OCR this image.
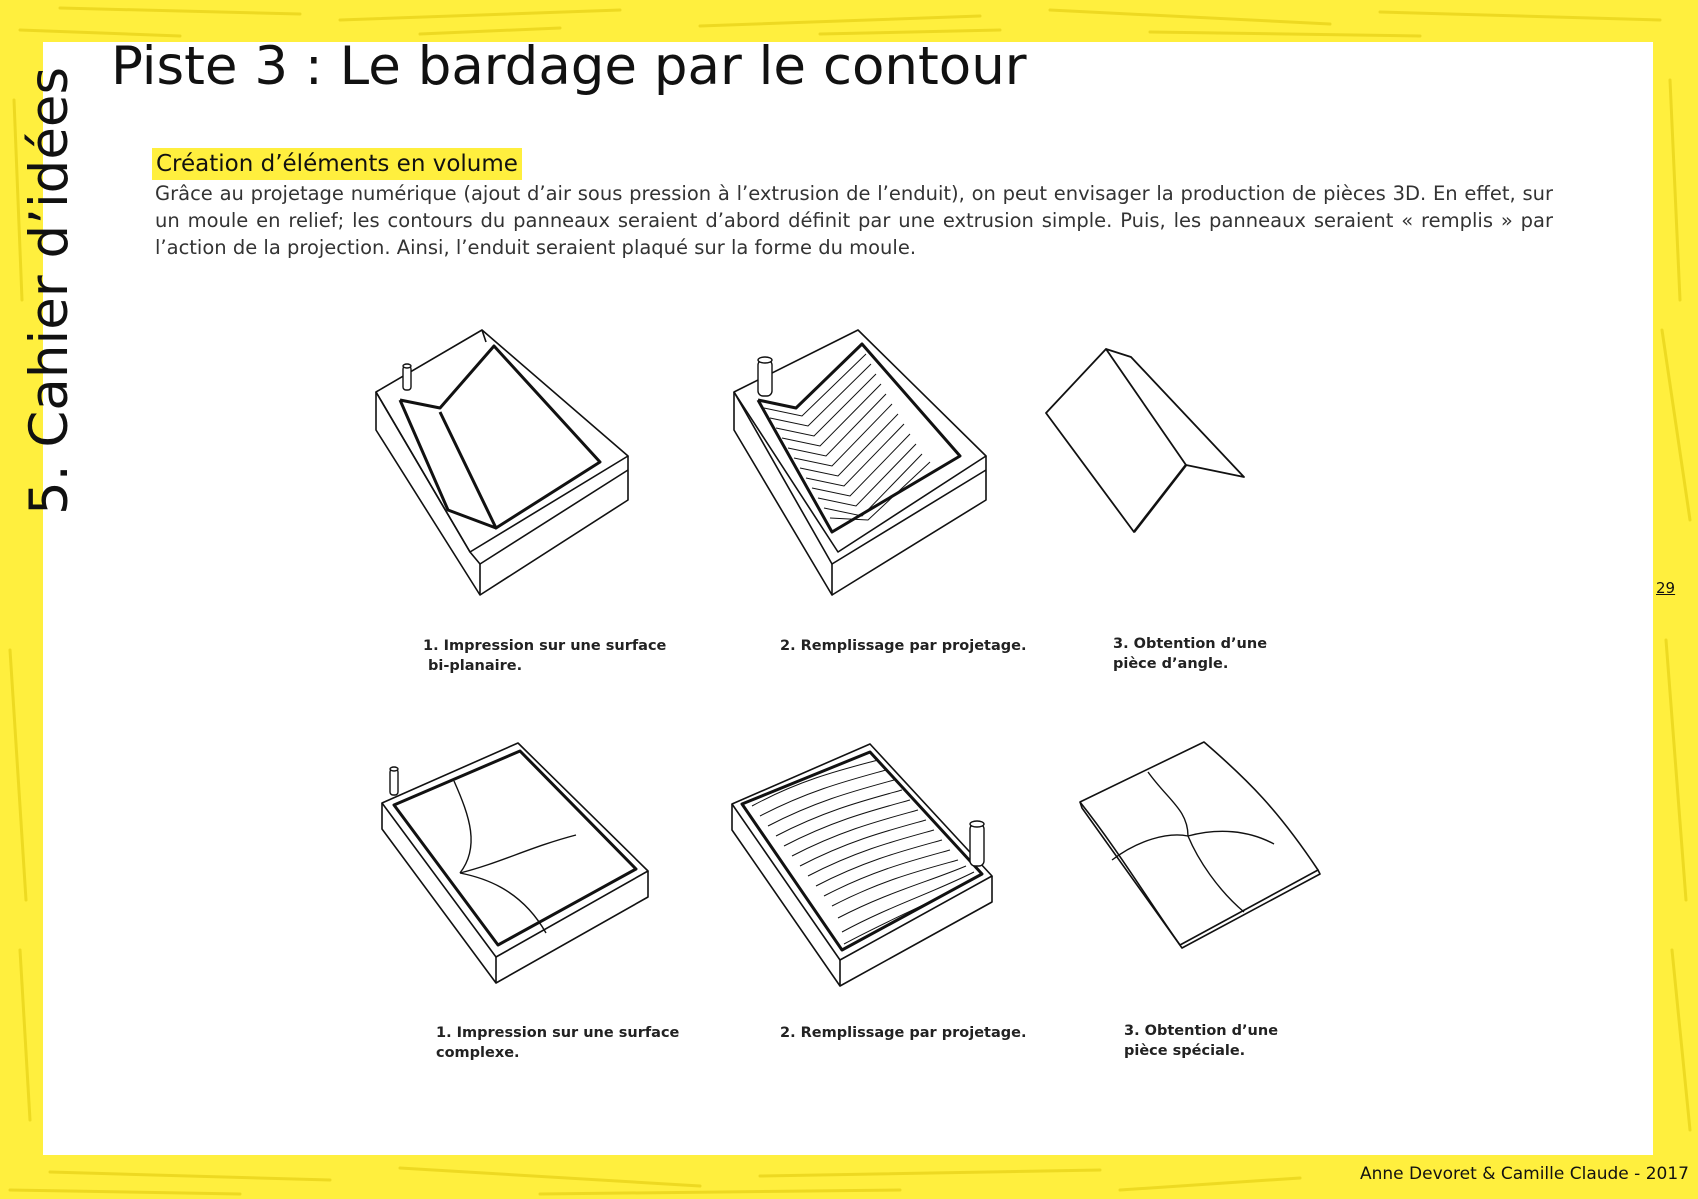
5. Cahier d’idées
Piste 3 : Le bardage par le contour
Création d’éléments en volume

Grâce au projetage numérique (ajout d’air sous pression à l’extrusion de l’enduit), on peut envisager la production de pièces 3D. En effet, sur un moule en relief; les contours du panneaux seraient d’abord définit par une extrusion simple. Puis, les panneaux seraient « remplis » par l’action de la projection. Ainsi, l’enduit seraient plaqué sur la forme du moule.

1. Impression sur une surface
bi-planaire.
2. Remplissage par projetage.	3. Obtention d’une
pièce d’angle.
1. Impression sur une surface
complexe.
2. Remplissage par projetage.	3. Obtention d’une
pièce spéciale.
29
Anne Devoret & Camille Claude - 2017
